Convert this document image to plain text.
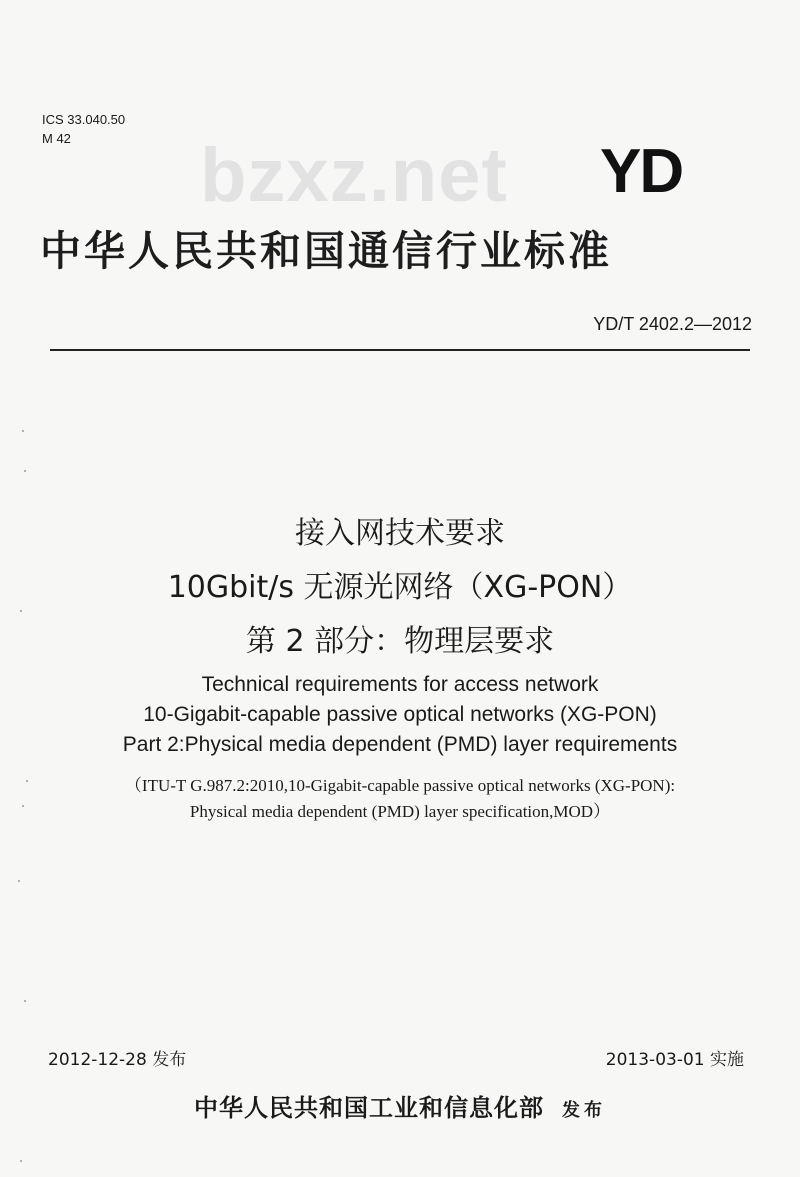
ICS 33.040.50
M 42	bzxz.net YD
中华人民共和国通信行业标准
YD/T 2402.2—2012
接入网技术要求
10Gbit/s 无源光网络（XG-PON）
第 2 部分：物理层要求
Technical requirements for access network
10-Gigabit-capable passive optical networks (XG-PON)
Part 2:Physical media dependent (PMD) layer requirements
（ITU-T G.987.2:2010,10-Gigabit-capable passive optical networks (XG-PON):
Physical media dependent (PMD) layer specification,MOD）
2012-12-28 发布	2013-03-01 实施
中华人民共和国工业和信息化部 发布
